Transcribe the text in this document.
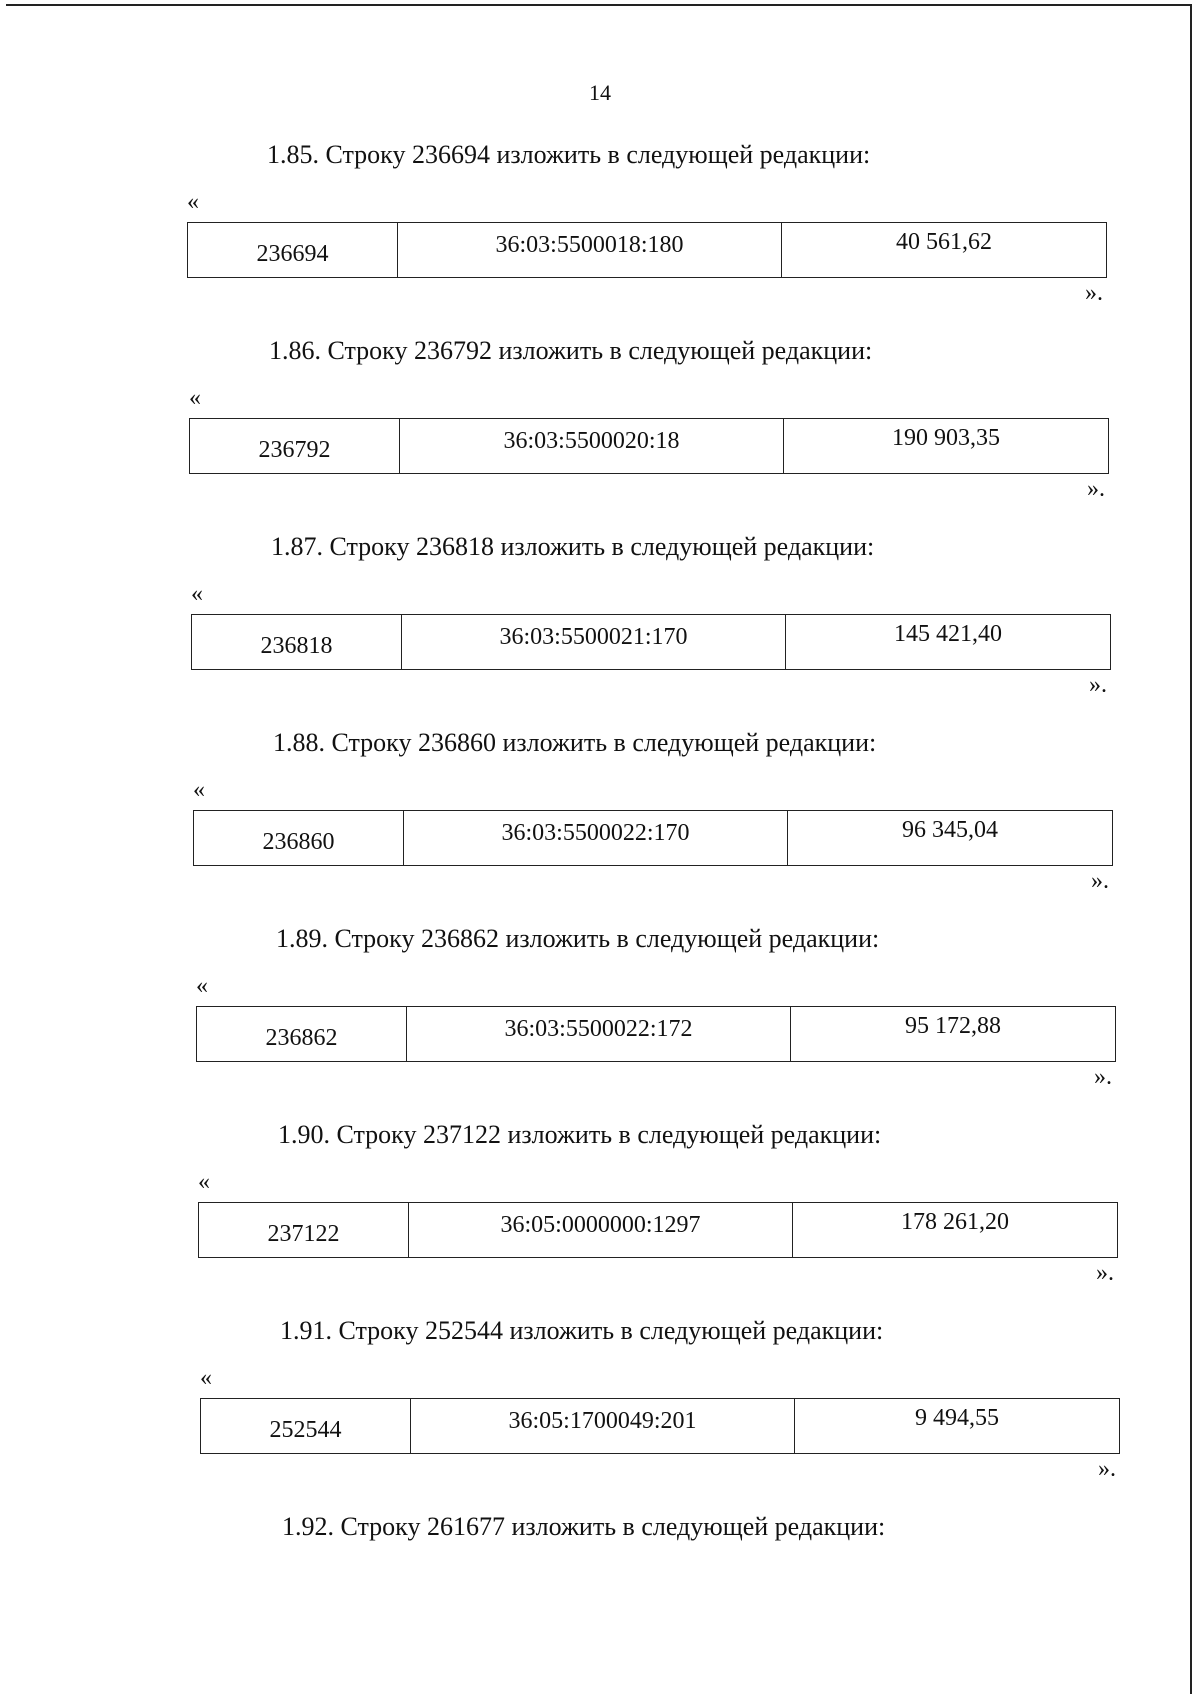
14
1.85. Строку 236694 изложить в следующей редакции:
«
236694	36:03:5500018:180	40 561,62
».
1.86. Строку 236792 изложить в следующей редакции:
«
236792	36:03:5500020:18	190 903,35
».
1.87. Строку 236818 изложить в следующей редакции:
«
236818	36:03:5500021:170	145 421,40
».
1.88. Строку 236860 изложить в следующей редакции:
«
236860	36:03:5500022:170	96 345,04
».
1.89. Строку 236862 изложить в следующей редакции:
«
236862	36:03:5500022:172	95 172,88
».
1.90. Строку 237122 изложить в следующей редакции:
«
237122	36:05:0000000:1297	178 261,20
».
1.91. Строку 252544 изложить в следующей редакции:
«
252544	36:05:1700049:201	9 494,55
».
1.92. Строку 261677 изложить в следующей редакции:
